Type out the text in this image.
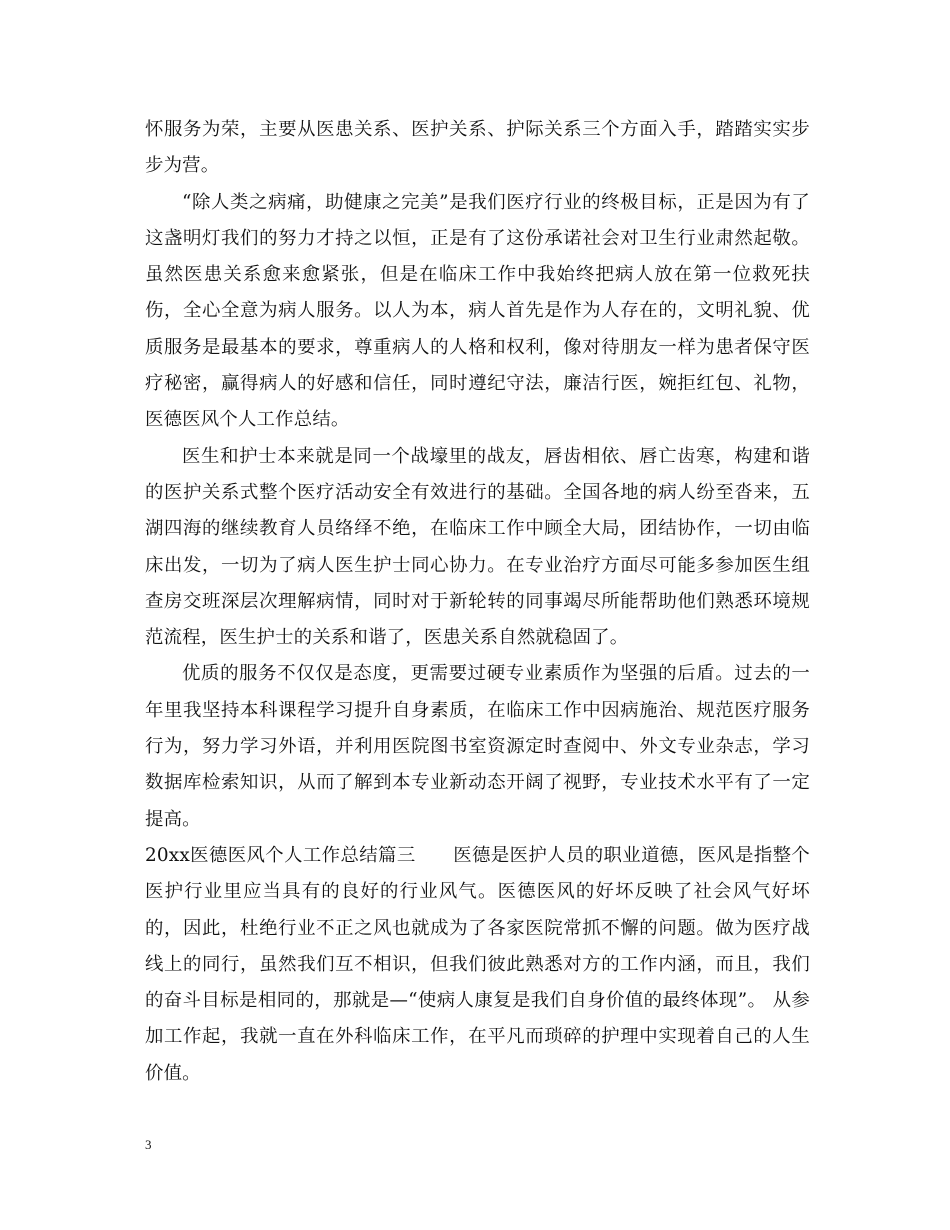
怀服务为荣，主要从医患关系、医护关系、护际关系三个方面入手，踏踏实实步步为营。

“除人类之病痛，助健康之完美”是我们医疗行业的终极目标，正是因为有了这盏明灯我们的努力才持之以恒，正是有了这份承诺社会对卫生行业肃然起敬。虽然医患关系愈来愈紧张，但是在临床工作中我始终把病人放在第一位救死扶伤，全心全意为病人服务。以人为本，病人首先是作为人存在的，文明礼貌、优质服务是最基本的要求，尊重病人的人格和权利，像对待朋友一样为患者保守医疗秘密，赢得病人的好感和信任，同时遵纪守法，廉洁行医，婉拒红包、礼物，医德医风个人工作总结。

医生和护士本来就是同一个战壕里的战友，唇齿相依、唇亡齿寒，构建和谐的医护关系式整个医疗活动安全有效进行的基础。全国各地的病人纷至沓来，五湖四海的继续教育人员络绎不绝，在临床工作中顾全大局，团结协作，一切由临床出发，一切为了病人医生护士同心协力。在专业治疗方面尽可能多参加医生组查房交班深层次理解病情，同时对于新轮转的同事竭尽所能帮助他们熟悉环境规范流程，医生护士的关系和谐了，医患关系自然就稳固了。

优质的服务不仅仅是态度，更需要过硬专业素质作为坚强的后盾。过去的一年里我坚持本科课程学习提升自身素质，在临床工作中因病施治、规范医疗服务行为，努力学习外语，并利用医院图书室资源定时查阅中、外文专业杂志，学习数据库检索知识，从而了解到本专业新动态开阔了视野，专业技术水平有了一定提高。

20xx医德医风个人工作总结篇三　　医德是医护人员的职业道德，医风是指整个医护行业里应当具有的良好的行业风气。医德医风的好坏反映了社会风气好坏的，因此，杜绝行业不正之风也就成为了各家医院常抓不懈的问题。做为医疗战线上的同行，虽然我们互不相识，但我们彼此熟悉对方的工作内涵，而且，我们的奋斗目标是相同的，那就是—“使病人康复是我们自身价值的最终体现”。 从参加工作起，我就一直在外科临床工作，在平凡而琐碎的护理中实现着自己的人生价值。

3
